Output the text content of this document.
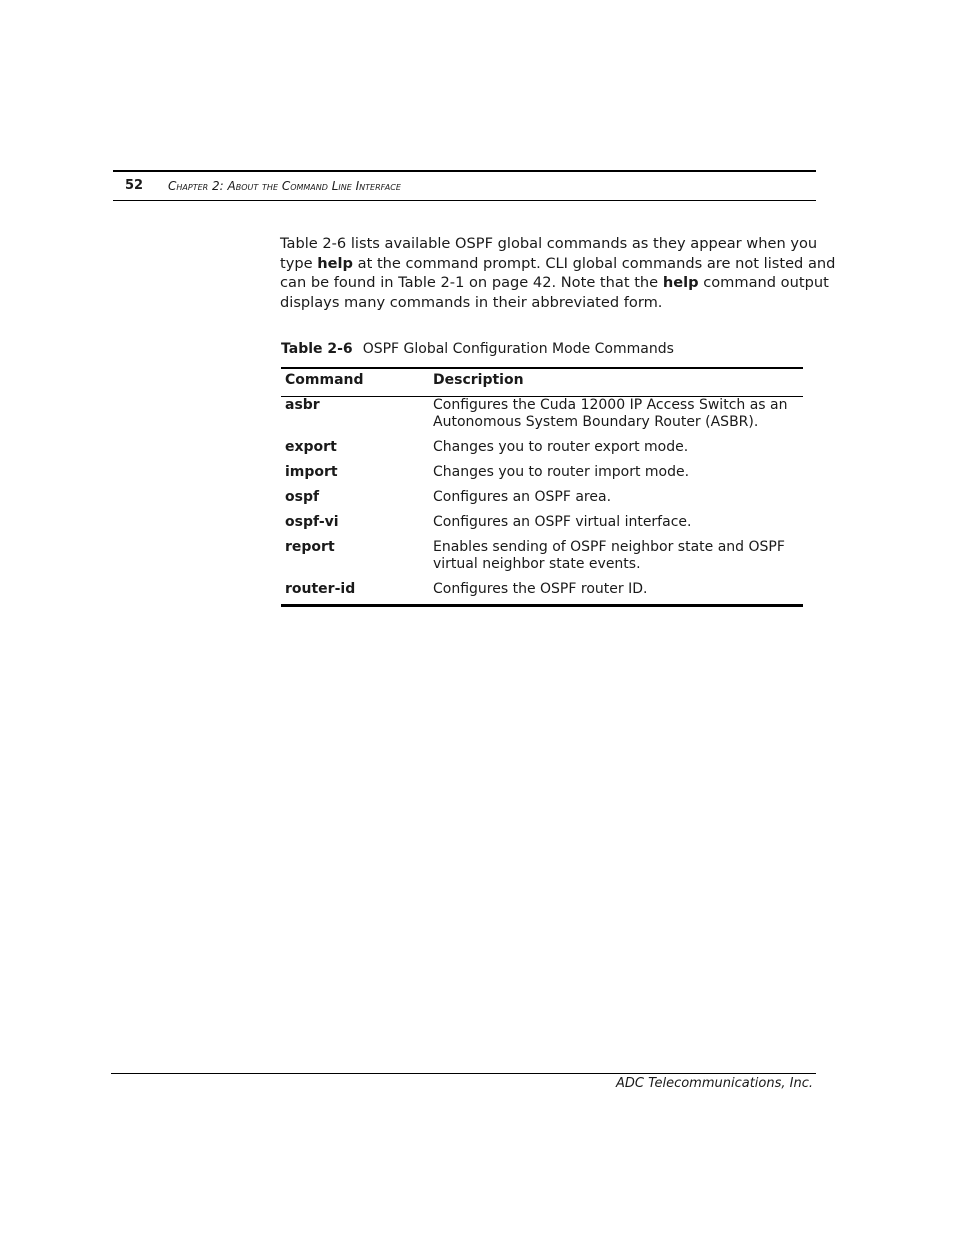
52 Chapter 2: About the Command Line Interface

Table 2-6 lists available OSPF global commands as they appear when you
type help at the command prompt. CLI global commands are not listed and
can be found in Table 2-1 on page 42. Note that the help command output
displays many commands in their abbreviated form.

Table 2-6 OSPF Global Configuration Mode Commands
Command	Description
asbr	Configures the Cuda 12000 IP Access Switch as an
Autonomous System Boundary Router (ASBR).
export	Changes you to router export mode.
import	Changes you to router import mode.
ospf	Configures an OSPF area.
ospf-vi	Configures an OSPF virtual interface.
report	Enables sending of OSPF neighbor state and OSPF
virtual neighbor state events.
router-id	Configures the OSPF router ID.
ADC Telecommunications, Inc.
